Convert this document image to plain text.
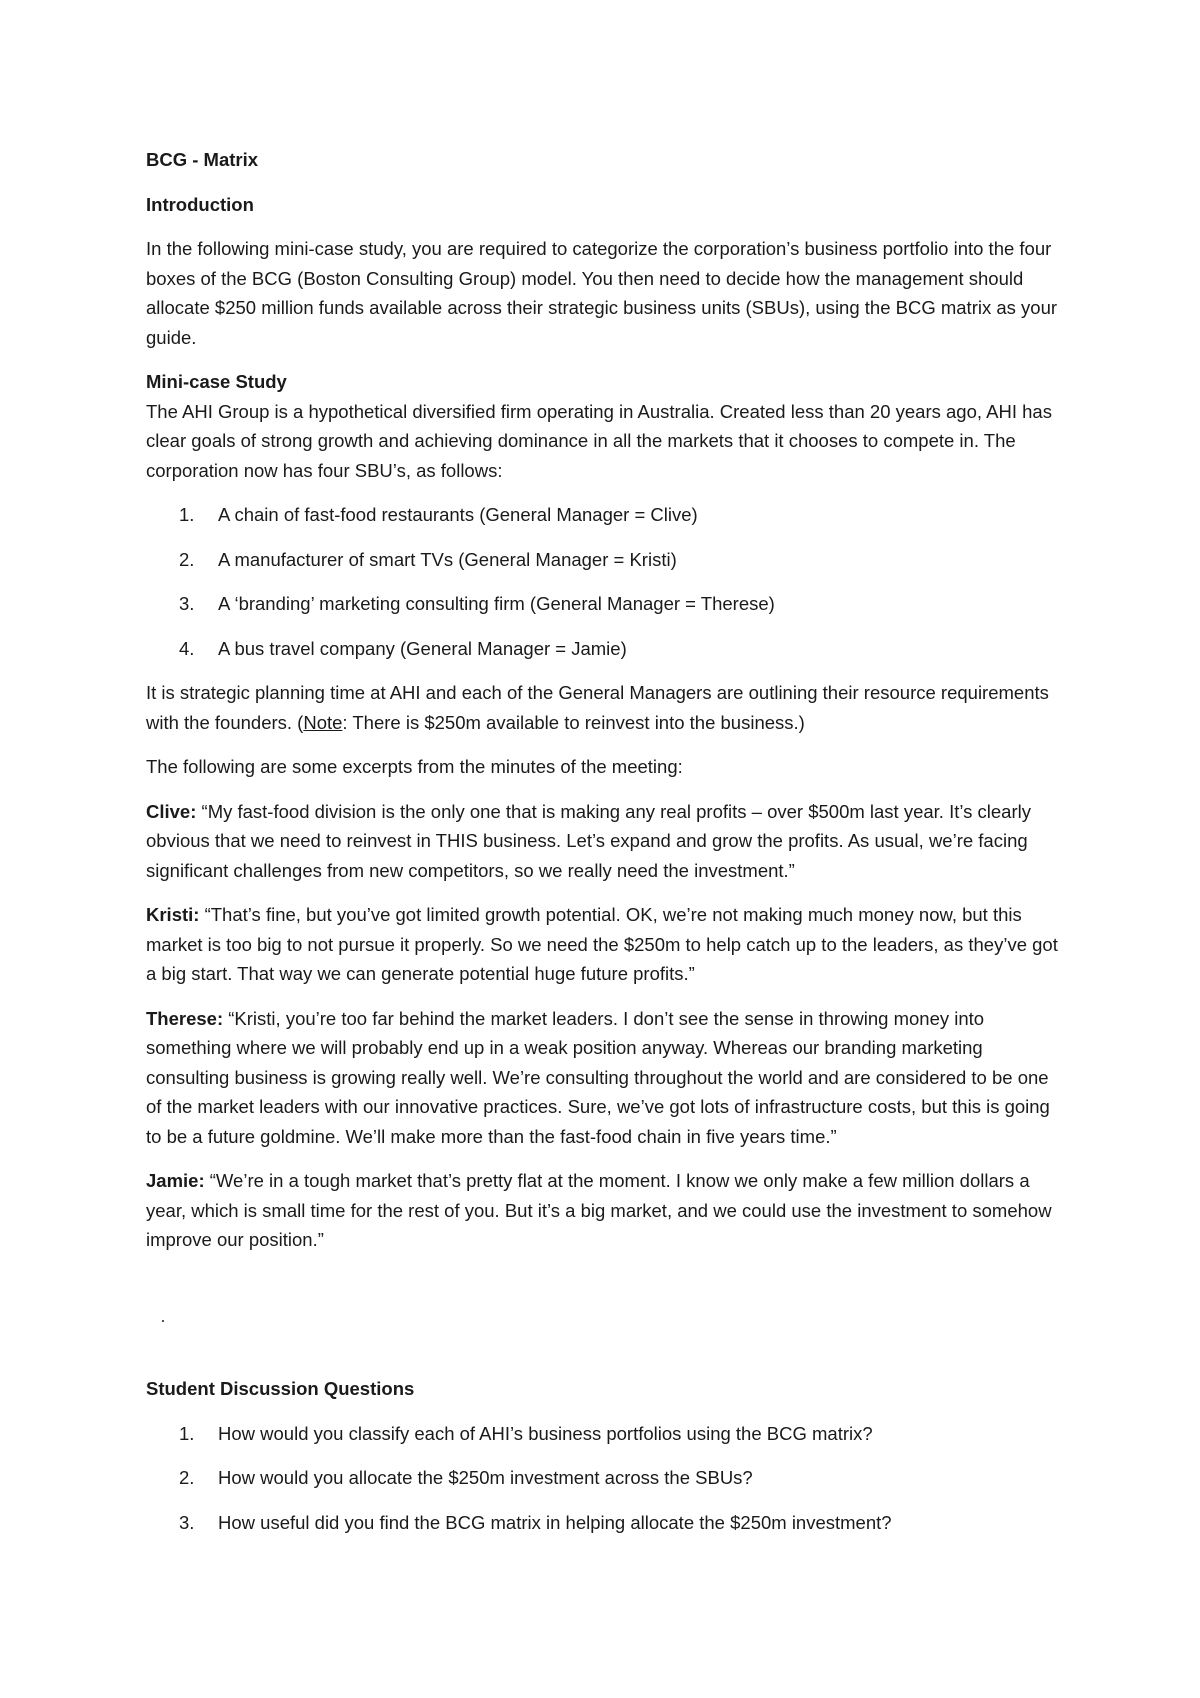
BCG - Matrix

Introduction

In the following mini-case study, you are required to categorize the corporation’s business portfolio into the four boxes of the BCG (Boston Consulting Group) model. You then need to decide how the management should allocate $250 million funds available across their strategic business units (SBUs), using the BCG matrix as your guide.

Mini-case Study

The AHI Group is a hypothetical diversified firm operating in Australia. Created less than 20 years ago, AHI has clear goals of strong growth and achieving dominance in all the markets that it chooses to compete in. The corporation now has four SBU’s, as follows:

1. A chain of fast-food restaurants (General Manager = Clive)
2. A manufacturer of smart TVs (General Manager = Kristi)
3. A ‘branding’ marketing consulting firm (General Manager = Therese)
4. A bus travel company (General Manager = Jamie)

It is strategic planning time at AHI and each of the General Managers are outlining their resource requirements with the founders. (Note: There is $250m available to reinvest into the business.)

The following are some excerpts from the minutes of the meeting:

Clive: “My fast-food division is the only one that is making any real profits – over $500m last year. It’s clearly obvious that we need to reinvest in THIS business. Let’s expand and grow the profits. As usual, we’re facing significant challenges from new competitors, so we really need the investment.”

Kristi: “That’s fine, but you’ve got limited growth potential. OK, we’re not making much money now, but this market is too big to not pursue it properly. So we need the $250m to help catch up to the leaders, as they’ve got a big start. That way we can generate potential huge future profits.”

Therese: “Kristi, you’re too far behind the market leaders. I don’t see the sense in throwing money into something where we will probably end up in a weak position anyway. Whereas our branding marketing consulting business is growing really well. We’re consulting throughout the world and are considered to be one of the market leaders with our innovative practices. Sure, we’ve got lots of infrastructure costs, but this is going to be a future goldmine. We’ll make more than the fast-food chain in five years time.”

Jamie: “We’re in a tough market that’s pretty flat at the moment. I know we only make a few million dollars a year, which is small time for the rest of you. But it’s a big market, and we could use the investment to somehow improve our position.”

Student Discussion Questions

1. How would you classify each of AHI’s business portfolios using the BCG matrix?
2. How would you allocate the $250m investment across the SBUs?
3. How useful did you find the BCG matrix in helping allocate the $250m investment?
